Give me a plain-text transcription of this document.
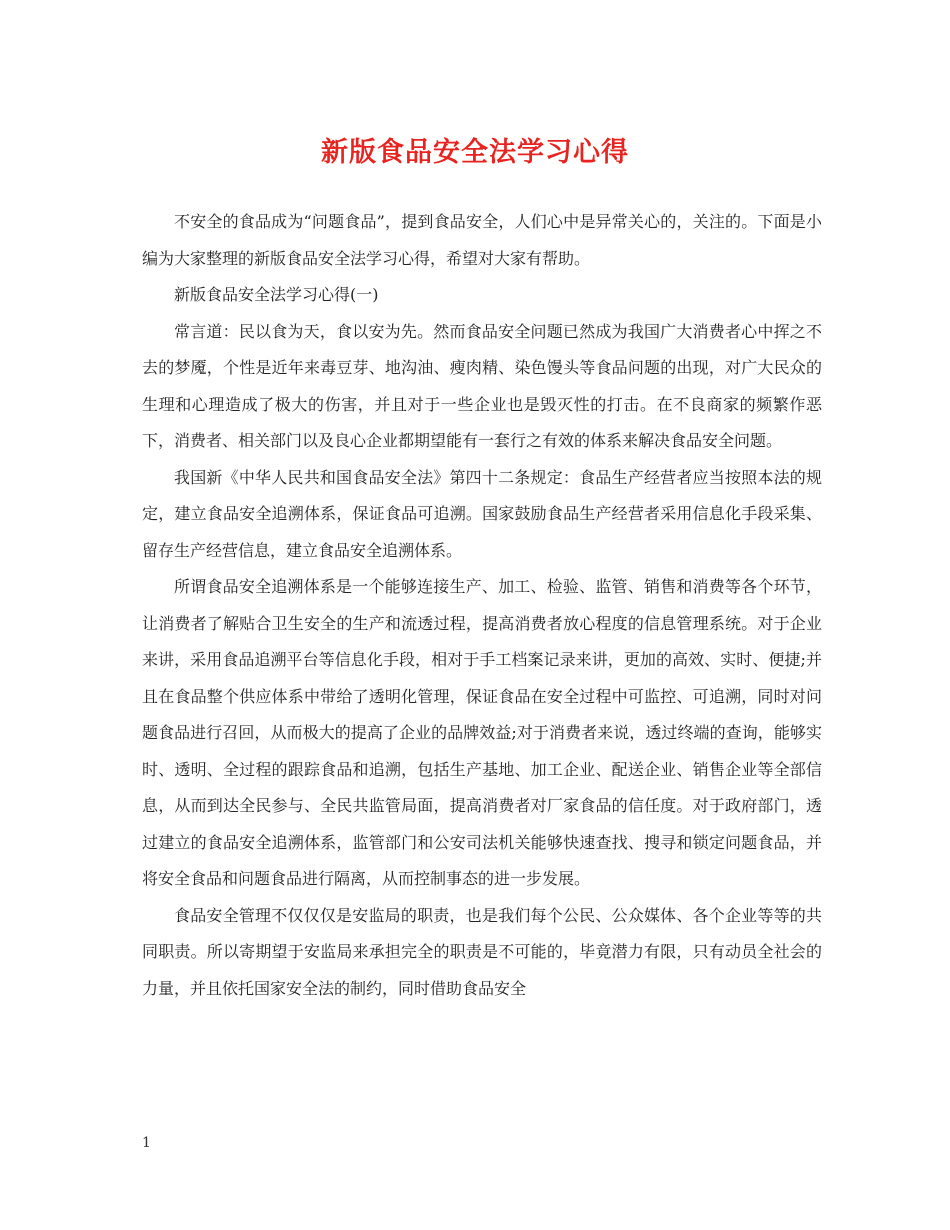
新版食品安全法学习心得

不安全的食品成为“问题食品”，提到食品安全，人们心中是异常关心的，关注的。下面是小编为大家整理的新版食品安全法学习心得，希望对大家有帮助。

新版食品安全法学习心得(一)

常言道：民以食为天，食以安为先。然而食品安全问题已然成为我国广大消费者心中挥之不去的梦魇，个性是近年来毒豆芽、地沟油、瘦肉精、染色馒头等食品问题的出现，对广大民众的生理和心理造成了极大的伤害，并且对于一些企业也是毁灭性的打击。在不良商家的频繁作恶下，消费者、相关部门以及良心企业都期望能有一套行之有效的体系来解决食品安全问题。

我国新《中华人民共和国食品安全法》第四十二条规定：食品生产经营者应当按照本法的规定，建立食品安全追溯体系，保证食品可追溯。国家鼓励食品生产经营者采用信息化手段采集、留存生产经营信息，建立食品安全追溯体系。

所谓食品安全追溯体系是一个能够连接生产、加工、检验、监管、销售和消费等各个环节，让消费者了解贴合卫生安全的生产和流透过程，提高消费者放心程度的信息管理系统。对于企业来讲，采用食品追溯平台等信息化手段，相对于手工档案记录来讲，更加的高效、实时、便捷;并且在食品整个供应体系中带给了透明化管理，保证食品在安全过程中可监控、可追溯，同时对问题食品进行召回，从而极大的提高了企业的品牌效益;对于消费者来说，透过终端的查询，能够实时、透明、全过程的跟踪食品和追溯，包括生产基地、加工企业、配送企业、销售企业等全部信息，从而到达全民参与、全民共监管局面，提高消费者对厂家食品的信任度。对于政府部门，透过建立的食品安全追溯体系，监管部门和公安司法机关能够快速查找、搜寻和锁定问题食品，并将安全食品和问题食品进行隔离，从而控制事态的进一步发展。

食品安全管理不仅仅仅是安监局的职责，也是我们每个公民、公众媒体、各个企业等等的共同职责。所以寄期望于安监局来承担完全的职责是不可能的，毕竟潜力有限，只有动员全社会的力量，并且依托国家安全法的制约，同时借助食品安全

1
